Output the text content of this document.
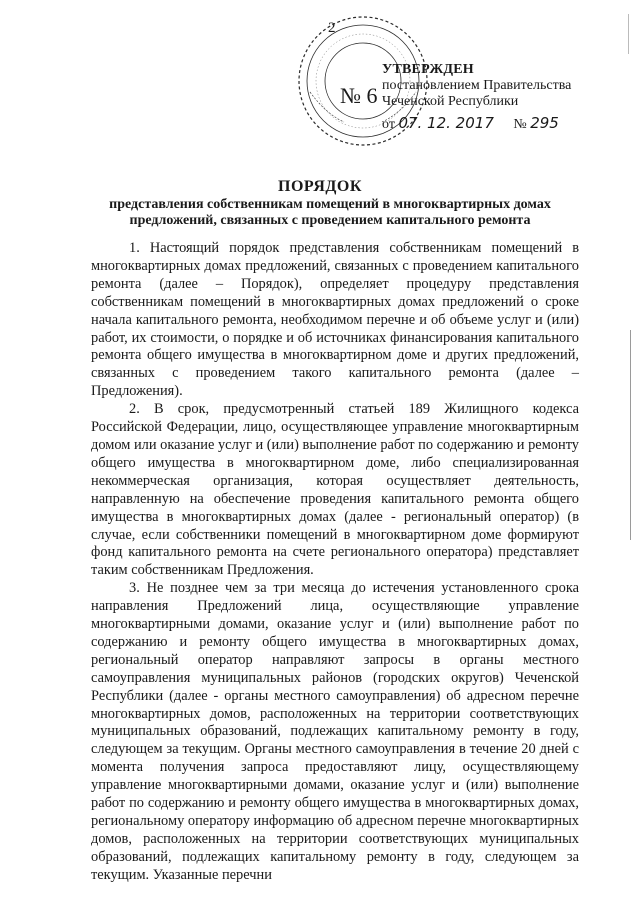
2
№ 6
УТВЕРЖДЕН
постановлением Правительства
Чеченской Республики
от 07. 12. 2017 № 295
ПОРЯДОК
представления собственникам помещений в многоквартирных домах предложений, связанных с проведением капитального ремонта

1. Настоящий порядок представления собственникам помещений в многоквартирных домах предложений, связанных с проведением капитального ремонта (далее – Порядок), определяет процедуру представления собственникам помещений в многоквартирных домах предложений о сроке начала капитального ремонта, необходимом перечне и об объеме услуг и (или) работ, их стоимости, о порядке и об источниках финансирования капитального ремонта общего имущества в многоквартирном доме и других предложений, связанных с проведением такого капитального ремонта (далее – Предложения).

2. В срок, предусмотренный статьей 189 Жилищного кодекса Российской Федерации, лицо, осуществляющее управление многоквартирным домом или оказание услуг и (или) выполнение работ по содержанию и ремонту общего имущества в многоквартирном доме, либо специализированная некоммерческая организация, которая осуществляет деятельность, направленную на обеспечение проведения капитального ремонта общего имущества в многоквартирных домах (далее - региональный оператор) (в случае, если собственники помещений в многоквартирном доме формируют фонд капитального ремонта на счете регионального оператора) представляет таким собственникам Предложения.

3. Не позднее чем за три месяца до истечения установленного срока направления Предложений лица, осуществляющие управление многоквартирными домами, оказание услуг и (или) выполнение работ по содержанию и ремонту общего имущества в многоквартирных домах, региональный оператор направляют запросы в органы местного самоуправления муниципальных районов (городских округов) Чеченской Республики (далее - органы местного самоуправления) об адресном перечне многоквартирных домов, расположенных на территории соответствующих муниципальных образований, подлежащих капитальному ремонту в году, следующем за текущим. Органы местного самоуправления в течение 20 дней с момента получения запроса предоставляют лицу, осуществляющему управление многоквартирными домами, оказание услуг и (или) выполнение работ по содержанию и ремонту общего имущества в многоквартирных домах, региональному оператору информацию об адресном перечне многоквартирных домов, расположенных на территории соответствующих муниципальных образований, подлежащих капитальному ремонту в году, следующем за текущим. Указанные перечни
